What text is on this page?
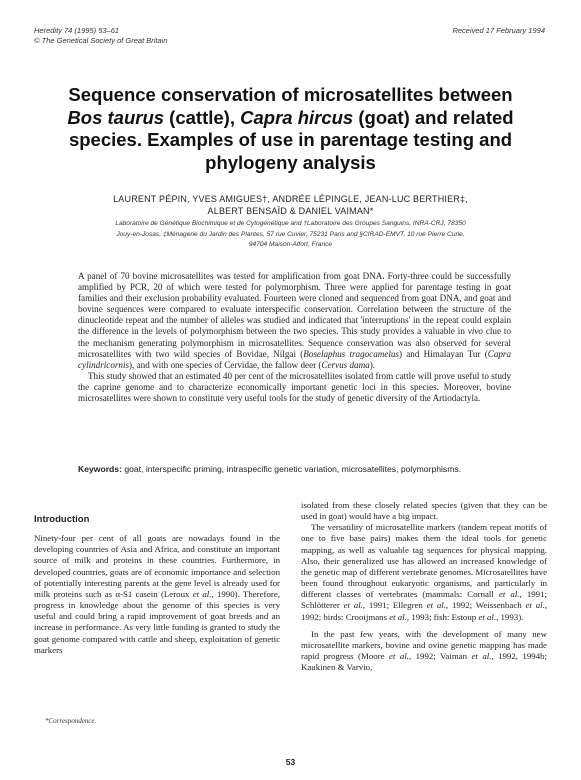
Heredity 74 (1995) 53–61
© The Genetical Society of Great Britain
Received 17 February 1994
Sequence conservation of microsatellites between Bos taurus (cattle), Capra hircus (goat) and related species. Examples of use in parentage testing and phylogeny analysis
LAURENT PÉPIN, YVES AMIGUES†, ANDRÉE LÉPINGLE, JEAN-LUC BERTHIER‡,
ALBERT BENSAÏD & DANIEL VAIMAN*
Laboratoire de Génétique Biochimique et de Cytogénétique and †Laboratoire des Groupes Sanguins, INRA-CRJ, 78350
Jouy-en-Josas, ‡Ménagerie du Jardin des Plantes, 57 rue Cuvier, 75231 Paris and §CIRAD-EMVT, 10 rue Pierre Curie,
94704 Maison-Alfort, France

A panel of 70 bovine microsatellites was tested for amplification from goat DNA. Forty-three could be successfully amplified by PCR, 20 of which were tested for polymorphism. Three were applied for parentage testing in goat families and their exclusion probability evaluated. Fourteen were cloned and sequenced from goat DNA, and goat and bovine sequences were compared to evaluate interspecific conservation. Correlation between the structure of the dinucleotide repeat and the number of alleles was studied and indicated that 'interruptions' in the repeat could explain the difference in the levels of polymorphism between the two species. This study provides a valuable in vivo clue to the mechanism generating polymorphism in microsatellites. Sequence conservation was also observed for several microsatellites with two wild species of Bovidae, Nilgai (Boselaphus tragocamelus) and Himalayan Tur (Capra cylindricornis), and with one species of Cervidae, the fallow deer (Cervus dama).

This study showed that an estimated 40 per cent of the microsatellites isolated from cattle will prove useful to study the caprine genome and to characterize economically important genetic loci in this species. Moreover, bovine microsatellites were shown to constitute very useful tools for the study of genetic diversity of the Artiodactyla.

Keywords: goat, interspecific priming, intraspecific genetic variation, microsatellites, polymorphisms.

Introduction

Ninety-four per cent of all goats are nowadays found in the developing countries of Asia and Africa, and constitute an important source of milk and proteins in these countries. Furthermore, in developed countries, goats are of economic importance and selection of potentially interesting parents at the gene level is already used for milk proteins such as α-S1 casein (Leroux et al., 1990). Therefore, progress in knowledge about the genome of this species is very useful and could bring a rapid improvement of goat breeds and an increase in performance. As very little funding is granted to study the goat genome compared with cattle and sheep, exploitation of genetic markers

isolated from these closely related species (given that they can be used in goat) would have a big impact.

The versatility of microsatellite markers (tandem repeat motifs of one to five base pairs) makes them the ideal tools for genetic mapping, as well as valuable tag sequences for physical mapping. Also, their generalized use has allowed an increased knowledge of the genetic map of different vertebrate genomes. Microsatellites have been found throughout eukaryotic organisms, and particularly in different classes of vertebrates (mammals: Cornall et al., 1991; Schlötterer et al., 1991; Ellegren et al., 1992; Weissenbach et al., 1992; birds: Crooijmans et al., 1993; fish: Estoup et al., 1993).

In the past few years, with the development of many new microsatellite markers, bovine and ovine genetic mapping has made rapid progress (Moore et al., 1992; Vaiman et al., 1992, 1994b; Kaukinen & Varvio,

*Correspondence.
53
